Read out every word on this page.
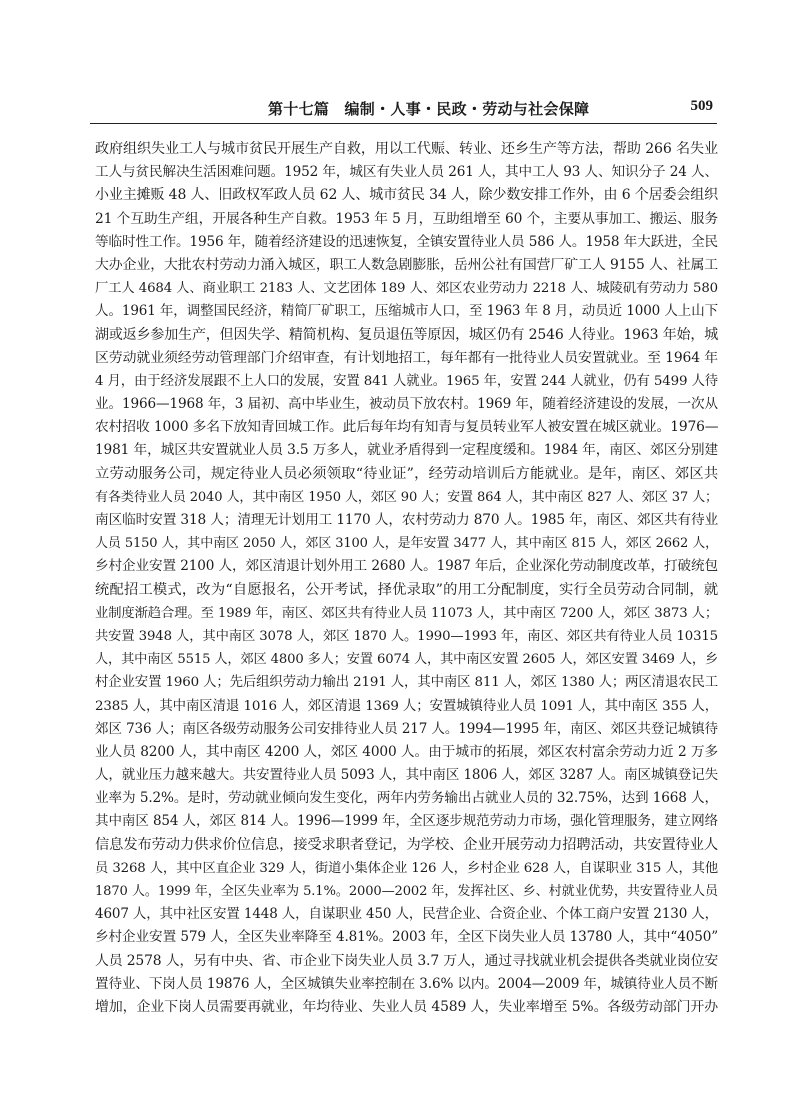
第十七篇　编制・人事・民政・劳动与社会保障	509
政府组织失业工人与城市贫民开展生产自救，用以工代赈、转业、还乡生产等方法，帮助 266 名失业
工人与贫民解决生活困难问题。1952 年，城区有失业人员 261 人，其中工人 93 人、知识分子 24 人、
小业主摊贩 48 人、旧政权军政人员 62 人、城市贫民 34 人，除少数安排工作外，由 6 个居委会组织
21 个互助生产组，开展各种生产自救。1953 年 5 月，互助组增至 60 个，主要从事加工、搬运、服务
等临时性工作。1956 年，随着经济建设的迅速恢复，全镇安置待业人员 586 人。1958 年大跃进，全民
大办企业，大批农村劳动力涌入城区，职工人数急剧膨胀，岳州公社有国营厂矿工人 9155 人、社属工
厂工人 4684 人、商业职工 2183 人、文艺团体 189 人、郊区农业劳动力 2218 人、城陵矶有劳动力 580
人。1961 年，调整国民经济，精简厂矿职工，压缩城市人口，至 1963 年 8 月，动员近 1000 人上山下
湖或返乡参加生产，但因失学、精简机构、复员退伍等原因，城区仍有 2546 人待业。1963 年始，城
区劳动就业须经劳动管理部门介绍审查，有计划地招工，每年都有一批待业人员安置就业。至 1964 年
4 月，由于经济发展跟不上人口的发展，安置 841 人就业。1965 年，安置 244 人就业，仍有 5499 人待
业。1966—1968 年，3 届初、高中毕业生，被动员下放农村。1969 年，随着经济建设的发展，一次从
农村招收 1000 多名下放知青回城工作。此后每年均有知青与复员转业军人被安置在城区就业。1976—
1981 年，城区共安置就业人员 3.5 万多人，就业矛盾得到一定程度缓和。1984 年，南区、郊区分别建
立劳动服务公司，规定待业人员必须领取“待业证”，经劳动培训后方能就业。是年，南区、郊区共
有各类待业人员 2040 人，其中南区 1950 人，郊区 90 人；安置 864 人，其中南区 827 人、郊区 37 人；
南区临时安置 318 人；清理无计划用工 1170 人，农村劳动力 870 人。1985 年，南区、郊区共有待业
人员 5150 人，其中南区 2050 人，郊区 3100 人，是年安置 3477 人，其中南区 815 人，郊区 2662 人，
乡村企业安置 2100 人，郊区清退计划外用工 2680 人。1987 年后，企业深化劳动制度改革，打破统包
统配招工模式，改为“自愿报名，公开考试，择优录取”的用工分配制度，实行全员劳动合同制，就
业制度渐趋合理。至 1989 年，南区、郊区共有待业人员 11073 人，其中南区 7200 人，郊区 3873 人；
共安置 3948 人，其中南区 3078 人，郊区 1870 人。1990—1993 年，南区、郊区共有待业人员 10315
人，其中南区 5515 人，郊区 4800 多人；安置 6074 人，其中南区安置 2605 人，郊区安置 3469 人，乡
村企业安置 1960 人；先后组织劳动力输出 2191 人，其中南区 811 人，郊区 1380 人；两区清退农民工
2385 人，其中南区清退 1016 人，郊区清退 1369 人；安置城镇待业人员 1091 人，其中南区 355 人，
郊区 736 人；南区各级劳动服务公司安排待业人员 217 人。1994—1995 年，南区、郊区共登记城镇待
业人员 8200 人，其中南区 4200 人，郊区 4000 人。由于城市的拓展，郊区农村富余劳动力近 2 万多
人，就业压力越来越大。共安置待业人员 5093 人，其中南区 1806 人，郊区 3287 人。南区城镇登记失
业率为 5.2%。是时，劳动就业倾向发生变化，两年内劳务输出占就业人员的 32.75%，达到 1668 人，
其中南区 854 人，郊区 814 人。1996—1999 年，全区逐步规范劳动力市场，强化管理服务，建立网络
信息发布劳动力供求价位信息，接受求职者登记，为学校、企业开展劳动力招聘活动，共安置待业人
员 3268 人，其中区直企业 329 人，街道小集体企业 126 人，乡村企业 628 人，自谋职业 315 人，其他
1870 人。1999 年，全区失业率为 5.1%。2000—2002 年，发挥社区、乡、村就业优势，共安置待业人员
4607 人，其中社区安置 1448 人，自谋职业 450 人，民营企业、合资企业、个体工商户安置 2130 人，
乡村企业安置 579 人，全区失业率降至 4.81%。2003 年，全区下岗失业人员 13780 人，其中“4050”
人员 2578 人，另有中央、省、市企业下岗失业人员 3.7 万人，通过寻找就业机会提供各类就业岗位安
置待业、下岗人员 19876 人，全区城镇失业率控制在 3.6% 以内。2004—2009 年，城镇待业人员不断
增加，企业下岗人员需要再就业，年均待业、失业人员 4589 人，失业率增至 5%。各级劳动部门开办
